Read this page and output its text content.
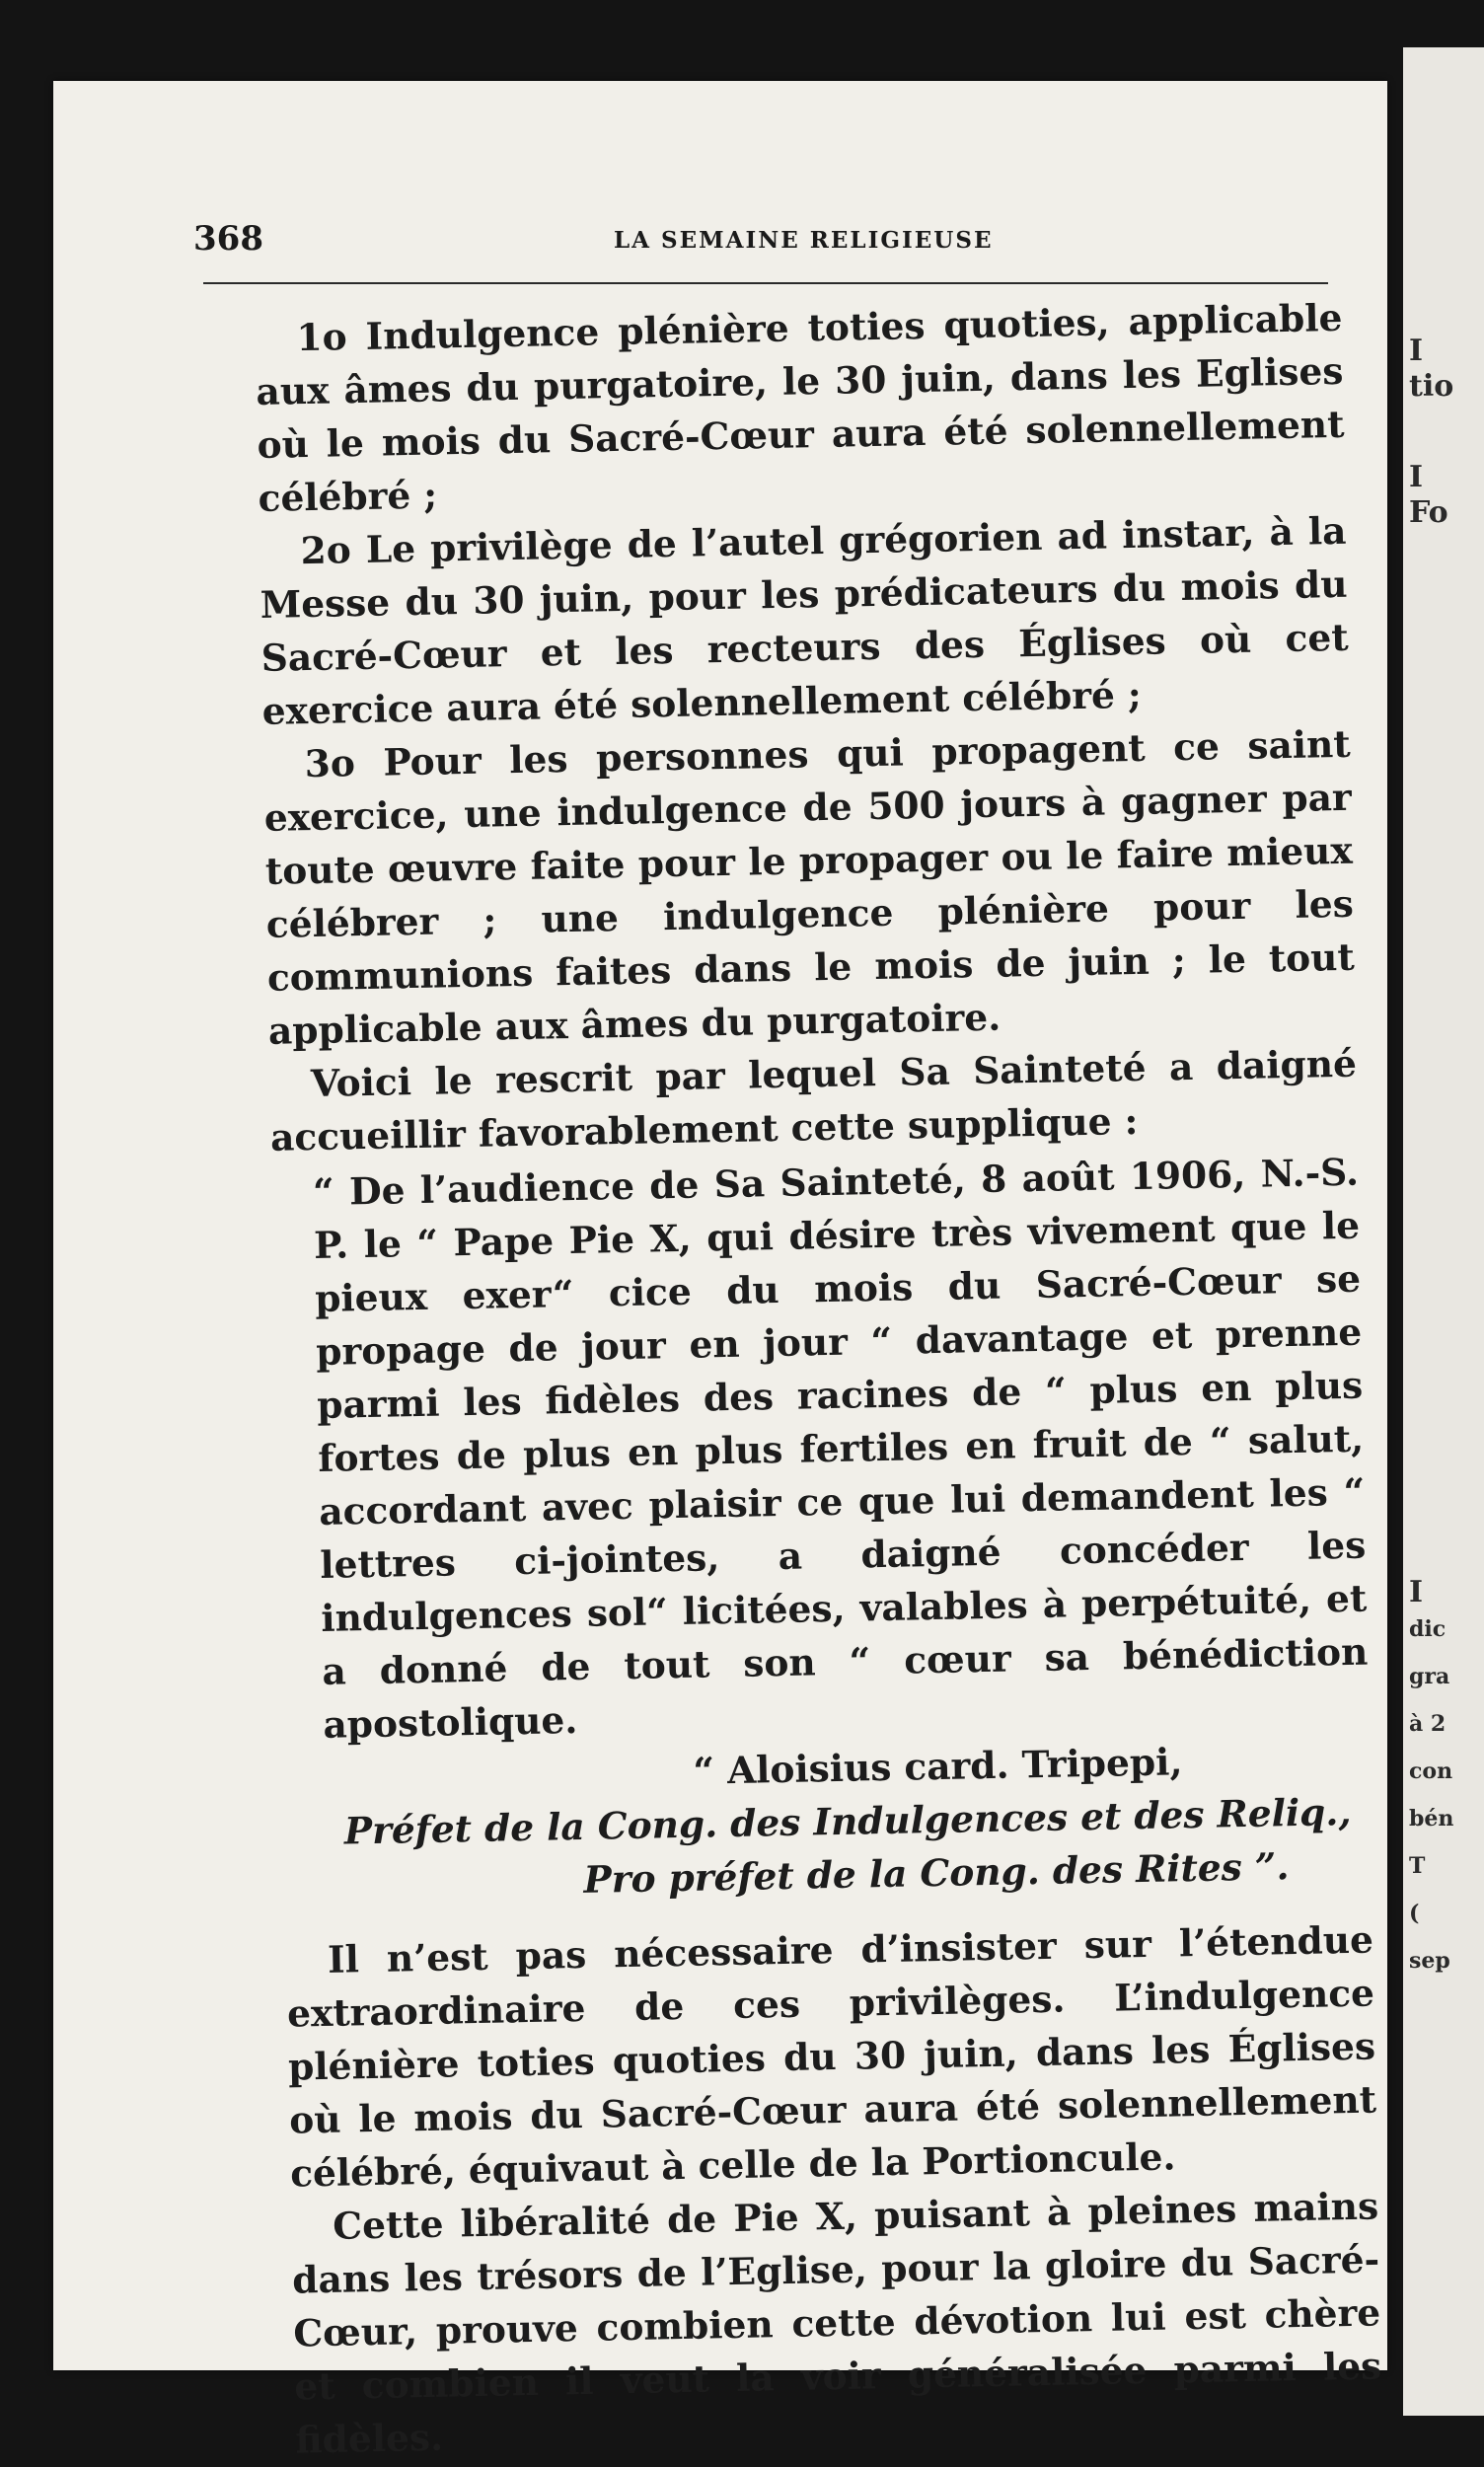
I
tio
I
Fo
I
dic
gra
à 2
con
bén
T
(
sep
368	LA SEMAINE RELIGIEUSE

1o Indulgence plénière toties quoties, applicable aux âmes du purgatoire, le 30 juin, dans les Eglises où le mois du Sacré-Cœur aura été solennellement célébré ;

2o Le privilège de l’autel grégorien ad instar, à la Messe du 30 juin, pour les prédicateurs du mois du Sacré-Cœur et les recteurs des Églises où cet exercice aura été solennellement célébré ;

3o Pour les personnes qui propagent ce saint exercice, une indulgence de 500 jours à gagner par toute œuvre faite pour le propager ou le faire mieux célébrer ; une indulgence plénière pour les communions faites dans le mois de juin ; le tout applicable aux âmes du purgatoire.

Voici le rescrit par lequel Sa Sainteté a daigné accueillir favorablement cette supplique :

“ De l’audience de Sa Sainteté, 8 août 1906, N.-S. P. le “ Pape Pie X, qui désire très vivement que le pieux exer“ cice du mois du Sacré-Cœur se propage de jour en jour “ davantage et prenne parmi les fidèles des racines de “ plus en plus fortes de plus en plus fertiles en fruit de “ salut, accordant avec plaisir ce que lui demandent les “ lettres ci-jointes, a daigné concéder les indulgences sol“ licitées, valables à perpétuité, et a donné de tout son “ cœur sa bénédiction apostolique.

“ Aloisius card. Tripepi,
Préfet de la Cong. des Indulgences et des Reliq.,
Pro préfet de la Cong. des Rites ”.

Il n’est pas nécessaire d’insister sur l’étendue extraordinaire de ces privilèges. L’indulgence plénière toties quoties du 30 juin, dans les Églises où le mois du Sacré-Cœur aura été solennellement célébré, équivaut à celle de la Portioncule.

Cette libéralité de Pie X, puisant à pleines mains dans les trésors de l’Eglise, pour la gloire du Sacré-Cœur, prouve combien cette dévotion lui est chère et combien il veut la voir généralisée parmi les fidèles.
